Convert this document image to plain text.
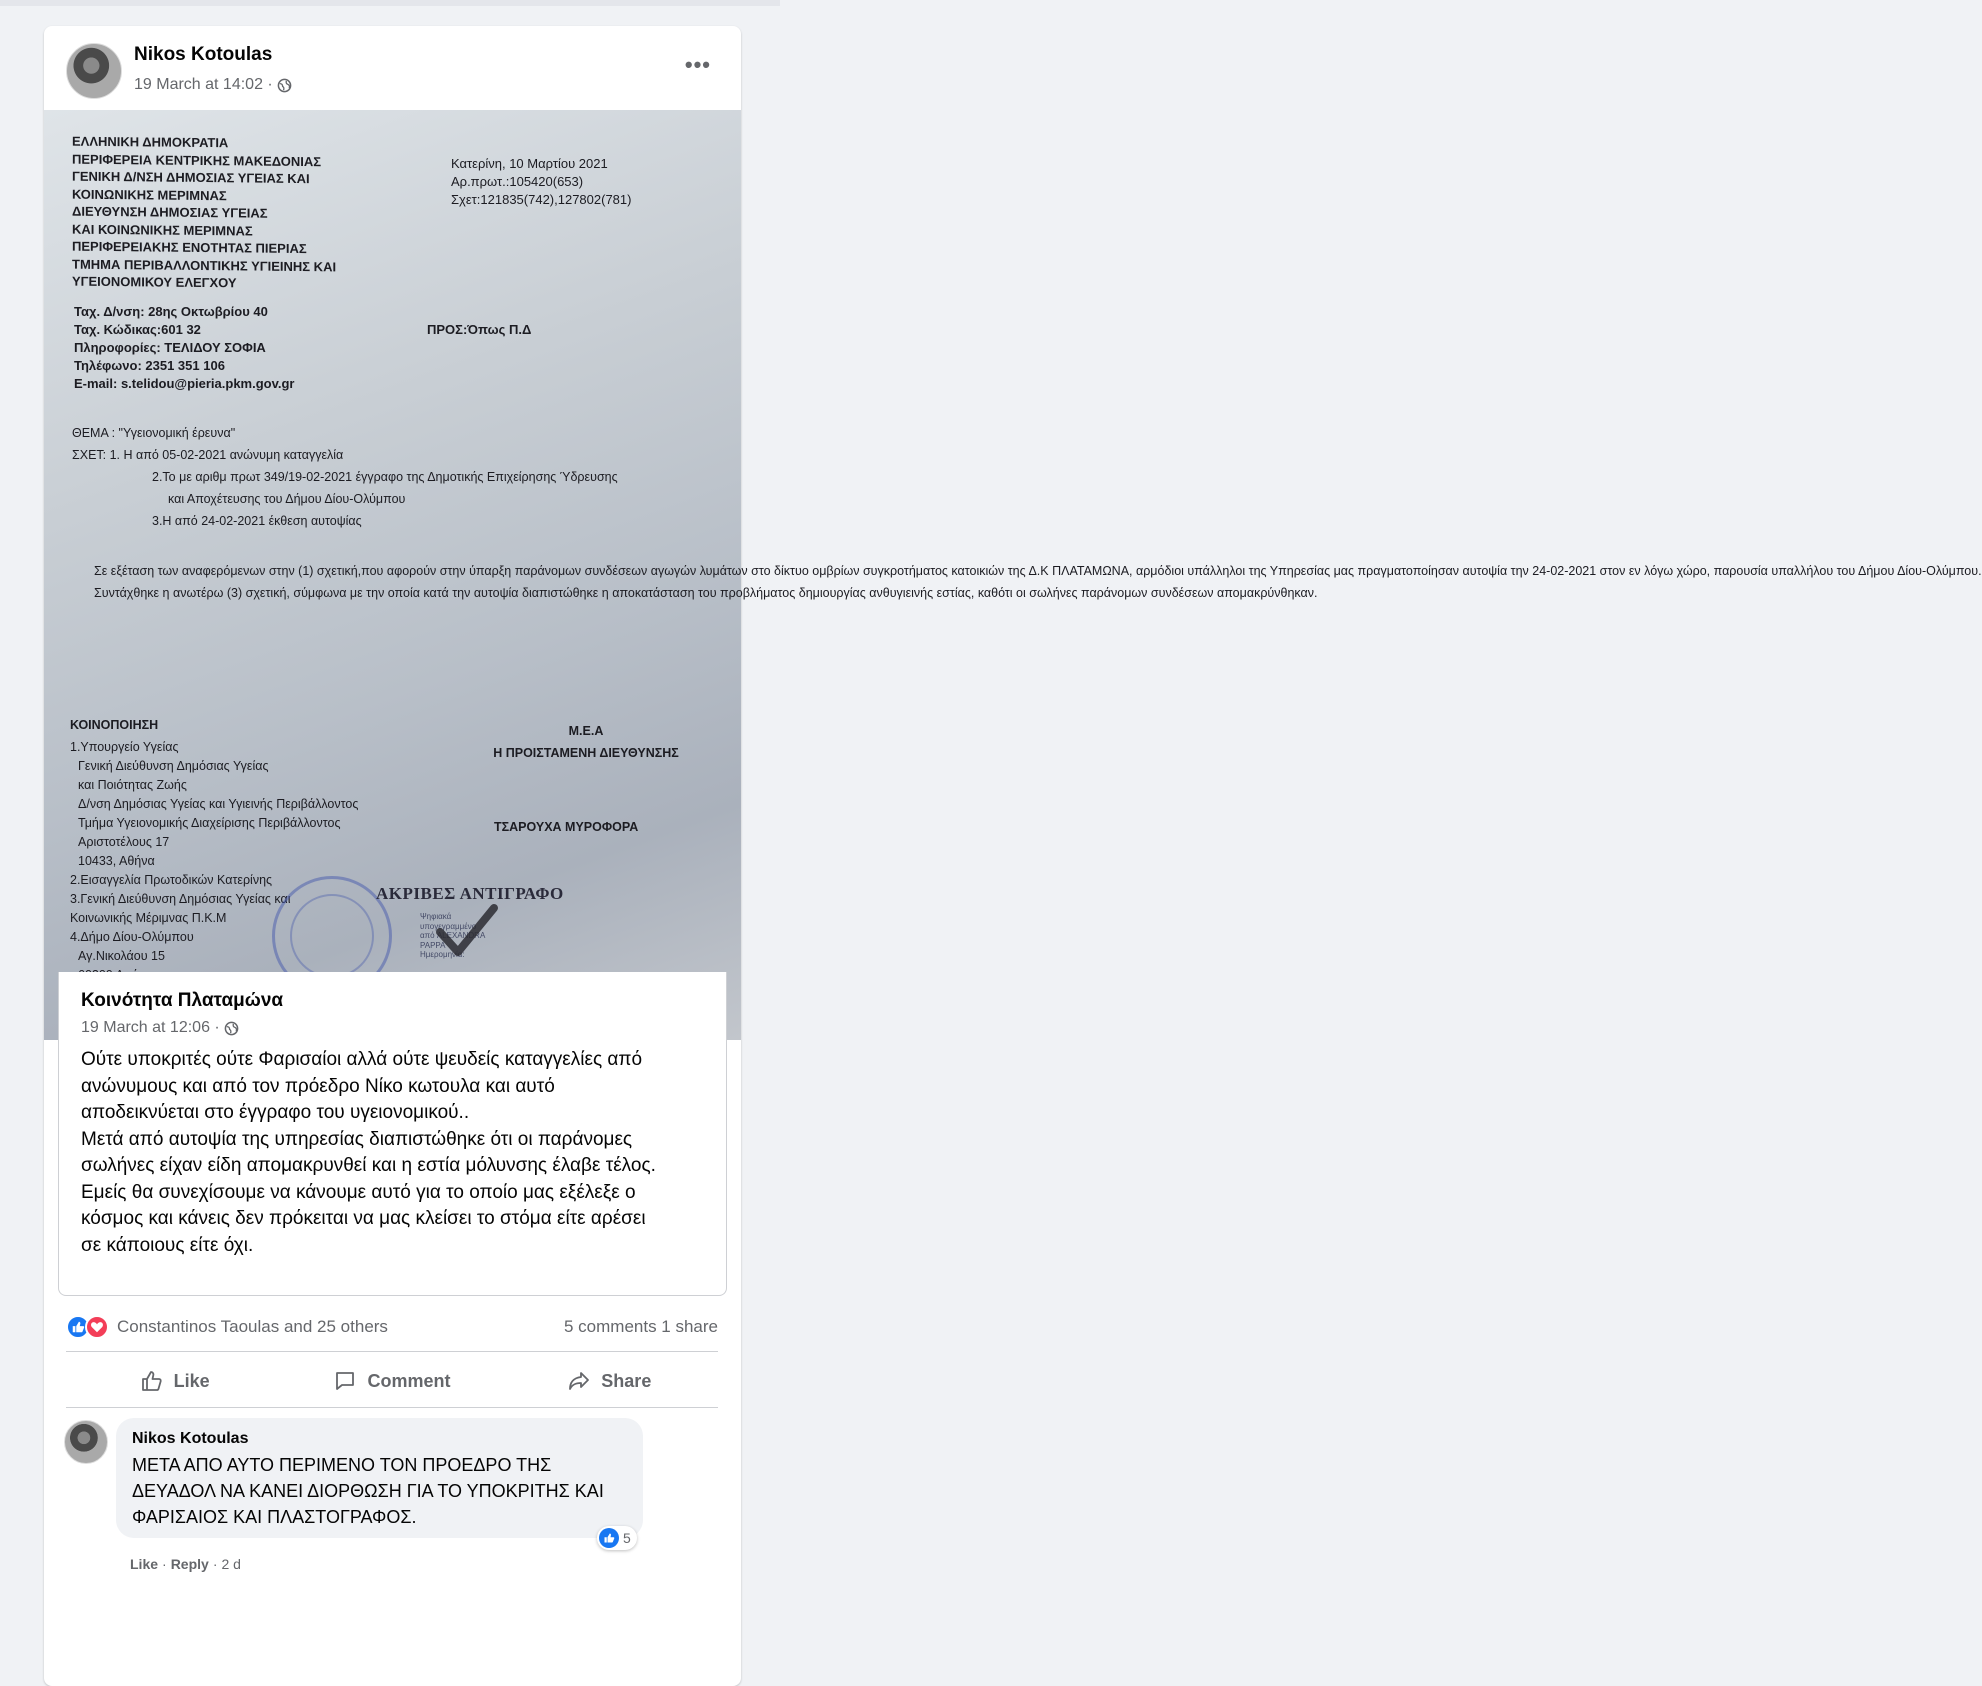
Nikos Kotoulas
19 March at 14:02 ·
•••
ΕΛΛΗΝΙΚΗ ΔΗΜΟΚΡΑΤΙΑ
ΠΕΡΙΦΕΡΕΙΑ ΚΕΝΤΡΙΚΗΣ ΜΑΚΕΔΟΝΙΑΣ
ΓΕΝΙΚΗ Δ/ΝΣΗ ΔΗΜΟΣΙΑΣ ΥΓΕΙΑΣ ΚΑΙ
ΚΟΙΝΩΝΙΚΗΣ ΜΕΡΙΜΝΑΣ
ΔΙΕΥΘΥΝΣΗ ΔΗΜΟΣΙΑΣ ΥΓΕΙΑΣ
ΚΑΙ ΚΟΙΝΩΝΙΚΗΣ ΜΕΡΙΜΝΑΣ
ΠΕΡΙΦΕΡΕΙΑΚΗΣ ΕΝΟΤΗΤΑΣ ΠΙΕΡΙΑΣ
ΤΜΗΜΑ ΠΕΡΙΒΑΛΛΟΝΤΙΚΗΣ ΥΓΙΕΙΝΗΣ ΚΑΙ
ΥΓΕΙΟΝΟΜΙΚΟΥ ΕΛΕΓΧΟΥ
Κατερίνη, 10 Μαρτίου 2021
Αρ.πρωτ.:105420(653)
Σχετ:121835(742),127802(781)
Ταχ. Δ/νση: 28ης Οκτωβρίου 40
Ταχ. Κώδικας:601 32
Πληροφορίες: ΤΕΛΙΔΟΥ ΣΟΦΙΑ
Τηλέφωνο: 2351 351 106
E-mail: s.telidou@pieria.pkm.gov.gr
ΠΡΟΣ:Όπως Π.Δ
ΘΕΜΑ : "Υγειονομική έρευνα"
ΣΧΕΤ: 1. Η από 05-02-2021 ανώνυμη καταγγελία
2.Το με αριθμ πρωτ 349/19-02-2021 έγγραφο της Δημοτικής Επιχείρησης Ύδρευσης
και Αποχέτευσης του Δήμου Δίου-Ολύμπου
3.Η από 24-02-2021 έκθεση αυτοψίας
Σε εξέταση των αναφερόμενων στην (1) σχετική,που αφορούν στην ύπαρξη παράνομων συνδέσεων αγωγών λυμάτων στο δίκτυο ομβρίων συγκροτήματος κατοικιών της Δ.Κ ΠΛΑΤΑΜΩΝΑ, αρμόδιοι υπάλληλοι της Υπηρεσίας μας πραγματοποίησαν αυτοψία την 24-02-2021 στον εν λόγω χώρο, παρουσία υπαλλήλου του Δήμου Δίου-Ολύμπου.
Συντάχθηκε η ανωτέρω (3) σχετική, σύμφωνα με την οποία κατά την αυτοψία διαπιστώθηκε η αποκατάσταση του προβλήματος δημιουργίας ανθυγιεινής εστίας, καθότι οι σωλήνες παράνομων συνδέσεων απομακρύνθηκαν.
ΚΟΙΝΟΠΟΙΗΣΗ
1.Υπουργείο Υγείας
Γενική Διεύθυνση Δημόσιας Υγείας
και Ποιότητας Ζωής
Δ/νση Δημόσιας Υγείας και Υγιεινής Περιβάλλοντος
Τμήμα Υγειονομικής Διαχείρισης Περιβάλλοντος
Αριστοτέλους 17
10433, Αθήνα
2.Εισαγγελία Πρωτοδικών Κατερίνης
3.Γενική Διεύθυνση Δημόσιας Υγείας και
Κοινωνικής Μέριμνας Π.Κ.Μ
4.Δήμο Δίου-Ολύμπου
Αγ.Νικολάου 15
Μ.Ε.Α
Η ΠΡΟΙΣΤΑΜΕΝΗ ΔΙΕΥΘΥΝΣΗΣ
ΤΣΑΡΟΥΧΑ ΜΥΡΟΦΟΡΑ
ΑΚΡΙΒΕΣ ΑΝΤΙΓΡΑΦΟ
Ψηφιακά
υπογεγραμμένο
από ALEXANDRA
PAPPA
Ημερομηνία:
Κοινότητα Πλαταμώνα
19 March at 12:06 ·
Ούτε υποκριτές ούτε Φαρισαίοι αλλά ούτε ψευδείς καταγγελίες από ανώνυμους και από τον πρόεδρο Νίκο κωτουλα και αυτό αποδεικνύεται στο έγγραφο του υγειονομικού..
Μετά από αυτοψία της υπηρεσίας διαπιστώθηκε ότι οι παράνομες σωλήνες είχαν είδη απομακρυνθεί και η εστία μόλυνσης έλαβε τέλος.
Εμείς θα συνεχίσουμε να κάνουμε αυτό για το οποίο μας εξέλεξε ο κόσμος και κάνεις δεν πρόκειται να μας κλείσει το στόμα είτε αρέσει σε κάποιους είτε όχι.
Constantinos Taoulas and 25 others	5 comments 1 share
Like	Comment	Share
Nikos Kotoulas
ΜΕΤΑ ΑΠΟ ΑΥΤΟ ΠΕΡΙΜΕΝΟ ΤΟΝ ΠΡΟΕΔΡΟ ΤΗΣ ΔΕΥΑΔΟΛ ΝΑ ΚΑΝΕΙ ΔΙΟΡΘΩΣΗ ΓΙΑ ΤΟ ΥΠΟΚΡΙΤΗΣ ΚΑΙ ΦΑΡΙΣΑΙΟΣ ΚΑΙ ΠΛΑΣΤΟΓΡΑΦΟΣ.
5
Like · Reply · 2 d
